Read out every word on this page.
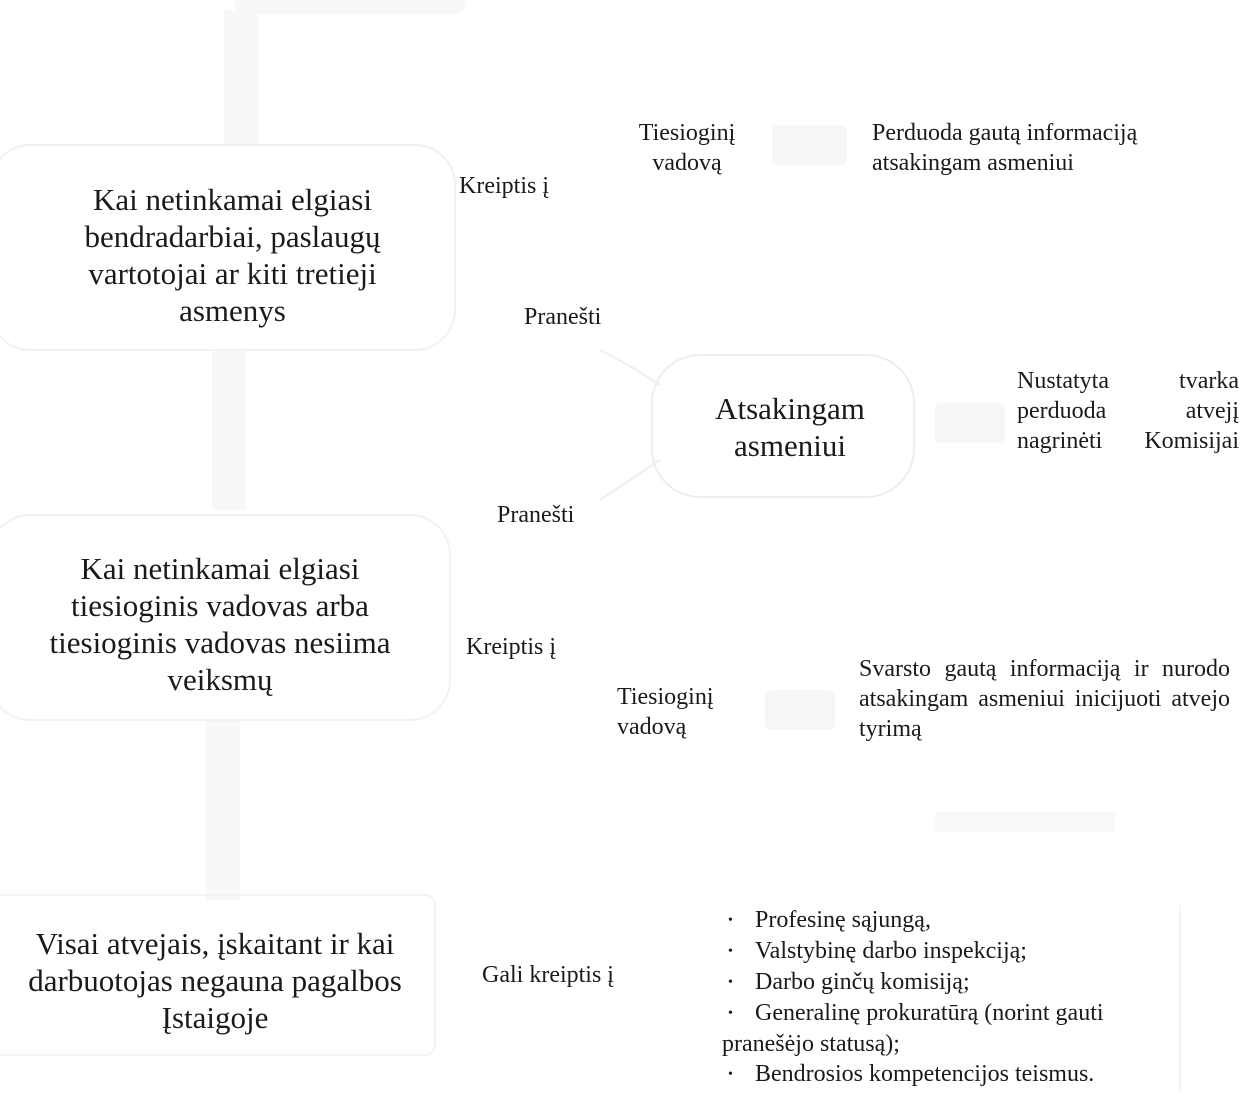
Kai netinkamai elgiasi bendradarbiai, paslaugų vartotojai ar kiti tretieji asmenys

Kai netinkamai elgiasi tiesioginis vadovas arba tiesioginis vadovas nesiima veiksmų

Visai atvejais, įskaitant ir kai darbuotojas negauna pagalbos Įstaigoje

Kreiptis į

Pranešti

Pranešti

Kreiptis į

Gali kreiptis į

Tiesioginį vadovą

Tiesioginį vadovą

Atsakingam asmeniui

Perduoda gautą informaciją atsakingam asmeniui

Nustatyta tvarka perduoda atvejį nagrinėti Komisijai

Svarsto gautą informaciją ir nurodo atsakingam asmeniui inicijuoti atvejo tyrimą

• Profesinę sąjungą,
• Valstybinę darbo inspekciją;
• Darbo ginčų komisiją;
• Generalinę prokuratūrą (norint gauti pranešėjo statusą);
• Bendrosios kompetencijos teismus.
